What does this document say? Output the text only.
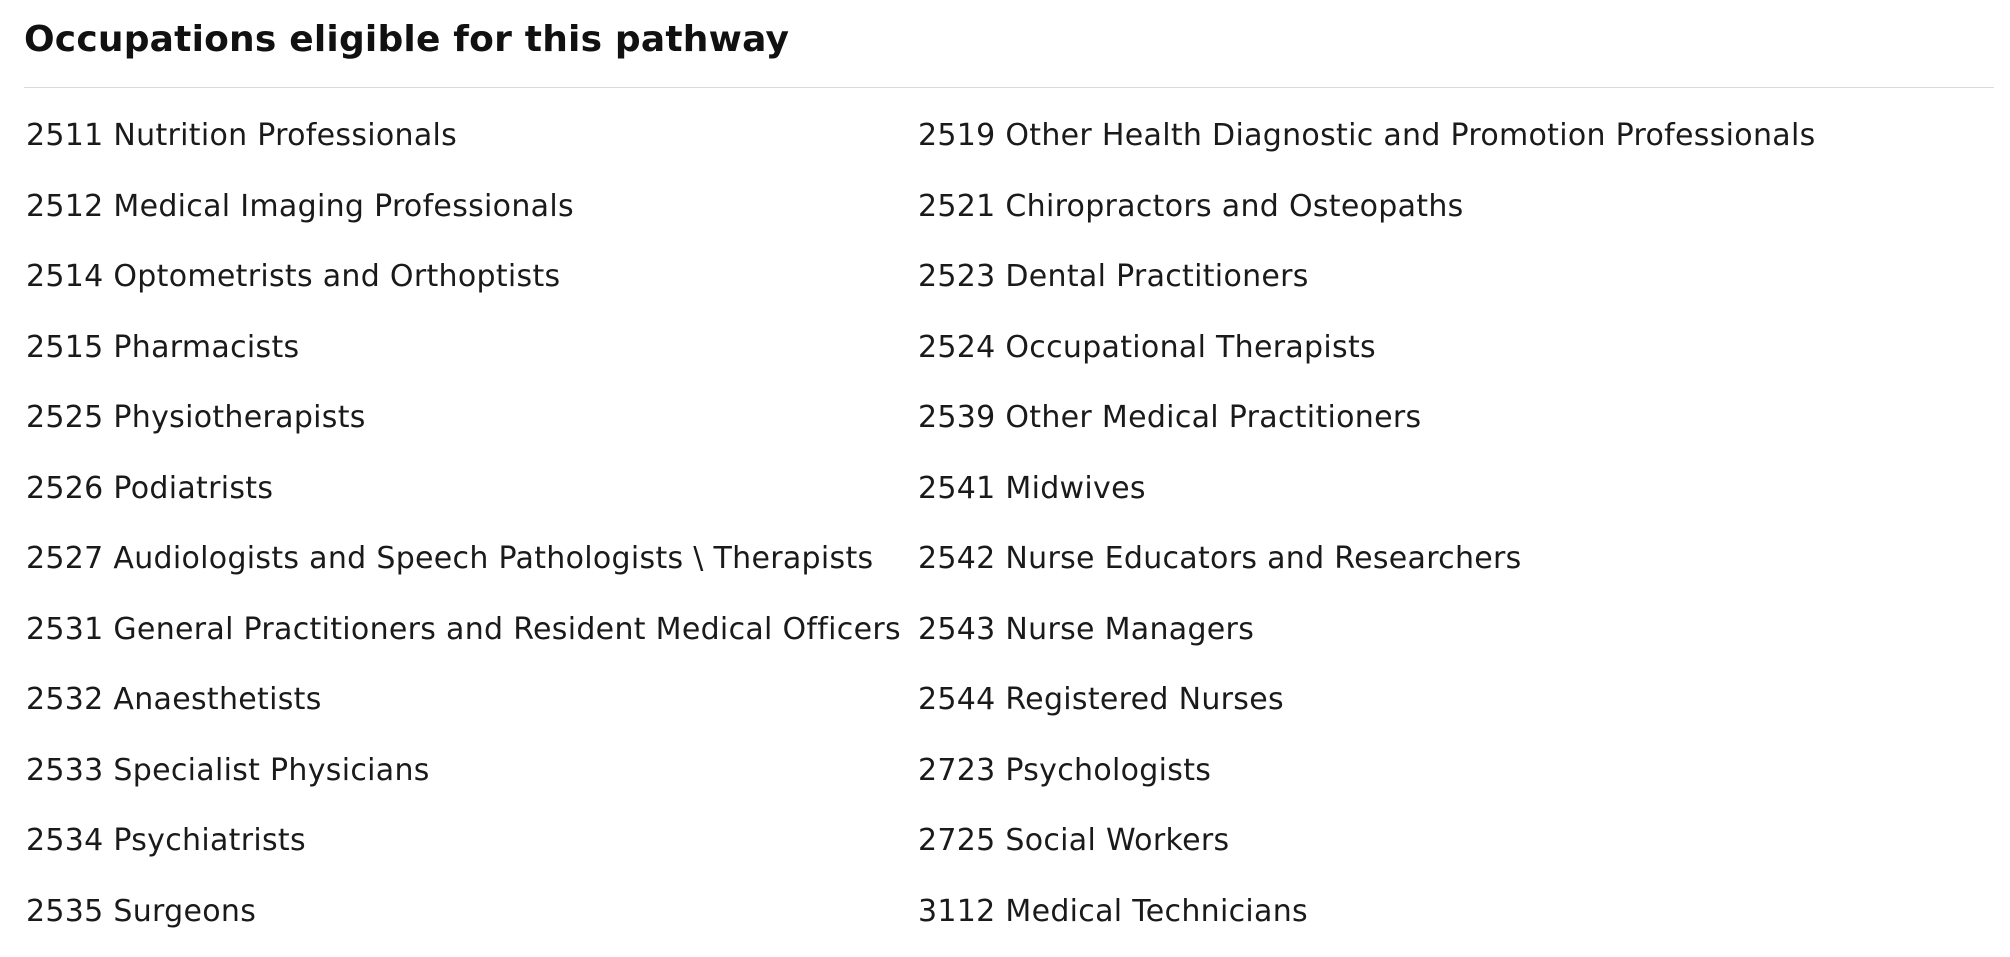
Occupations eligible for this pathway
2511 Nutrition Professionals
2512 Medical Imaging Professionals
2514 Optometrists and Orthoptists
2515 Pharmacists
2525 Physiotherapists
2526 Podiatrists
2527 Audiologists and Speech Pathologists \ Therapists
2531 General Practitioners and Resident Medical Officers
2532 Anaesthetists
2533 Specialist Physicians
2534 Psychiatrists
2535 Surgeons
2519 Other Health Diagnostic and Promotion Professionals
2521 Chiropractors and Osteopaths
2523 Dental Practitioners
2524 Occupational Therapists
2539 Other Medical Practitioners
2541 Midwives
2542 Nurse Educators and Researchers
2543 Nurse Managers
2544 Registered Nurses
2723 Psychologists
2725 Social Workers
3112 Medical Technicians
